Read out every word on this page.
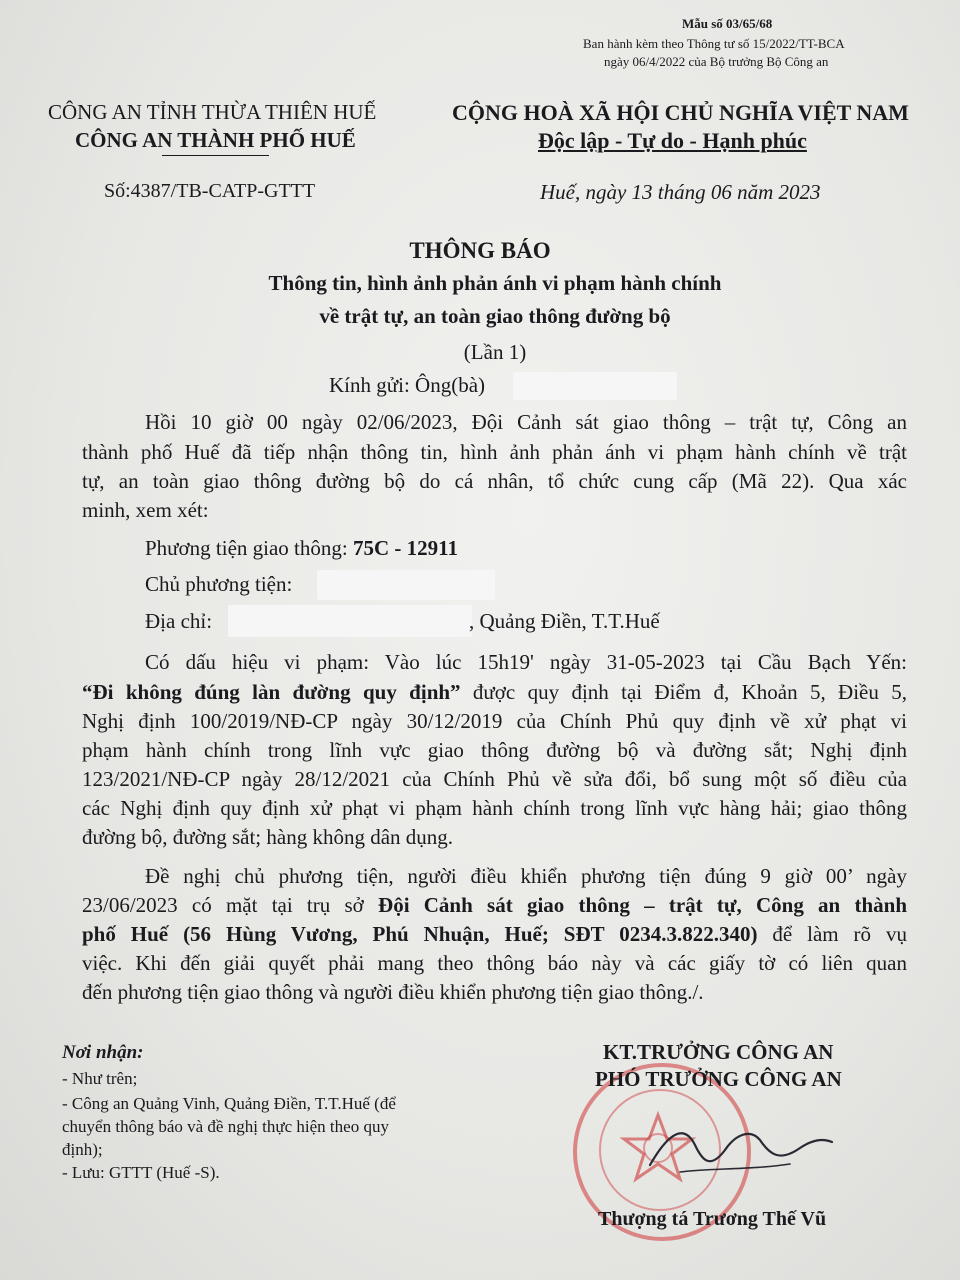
Mẫu số 03/65/68
Ban hành kèm theo Thông tư số 15/2022/TT-BCA
ngày 06/4/2022 của Bộ trưởng Bộ Công an
CÔNG AN TỈNH THỪA THIÊN HUẾ
CÔNG AN THÀNH PHỐ HUẾ
Số:4387/TB-CATP-GTTT
CỘNG HOÀ XÃ HỘI CHỦ NGHĨA VIỆT NAM
Độc lập - Tự do - Hạnh phúc
Huế, ngày 13 tháng 06 năm 2023
THÔNG BÁO
Thông tin, hình ảnh phản ánh vi phạm hành chính
về trật tự, an toàn giao thông đường bộ
(Lần 1)
Kính gửi: Ông(bà)
Hồi 10 giờ 00 ngày 02/06/2023, Đội Cảnh sát giao thông – trật tự, Công an
thành phố Huế đã tiếp nhận thông tin, hình ảnh phản ánh vi phạm hành chính về trật
tự, an toàn giao thông đường bộ do cá nhân, tổ chức cung cấp (Mã 22). Qua xác
minh, xem xét:
Phương tiện giao thông: 75C - 12911
Chủ phương tiện:
Địa chỉ:	, Quảng Điền, T.T.Huế
Có dấu hiệu vi phạm: Vào lúc 15h19' ngày 31-05-2023 tại Cầu Bạch Yến:
“Đi không đúng làn đường quy định” được quy định tại Điểm đ, Khoản 5, Điều 5,
Nghị định 100/2019/NĐ-CP ngày 30/12/2019 của Chính Phủ quy định về xử phạt vi
phạm hành chính trong lĩnh vực giao thông đường bộ và đường sắt; Nghị định
123/2021/NĐ-CP ngày 28/12/2021 của Chính Phủ về sửa đổi, bổ sung một số điều của
các Nghị định quy định xử phạt vi phạm hành chính trong lĩnh vực hàng hải; giao thông
đường bộ, đường sắt; hàng không dân dụng.
Đề nghị chủ phương tiện, người điều khiển phương tiện đúng 9 giờ 00’ ngày
23/06/2023 có mặt tại trụ sở Đội Cảnh sát giao thông – trật tự, Công an thành
phố Huế (56 Hùng Vương, Phú Nhuận, Huế; SĐT 0234.3.822.340) để làm rõ vụ
việc. Khi đến giải quyết phải mang theo thông báo này và các giấy tờ có liên quan
đến phương tiện giao thông và người điều khiển phương tiện giao thông./.
Nơi nhận:
- Như trên;
- Công an Quảng Vinh, Quảng Điền, T.T.Huế (để
chuyển thông báo và đề nghị thực hiện theo quy
định);
- Lưu: GTTT (Huế -S).
KT.TRƯỞNG CÔNG AN
PHÓ TRƯỞNG CÔNG AN
Thượng tá Trương Thế Vũ
